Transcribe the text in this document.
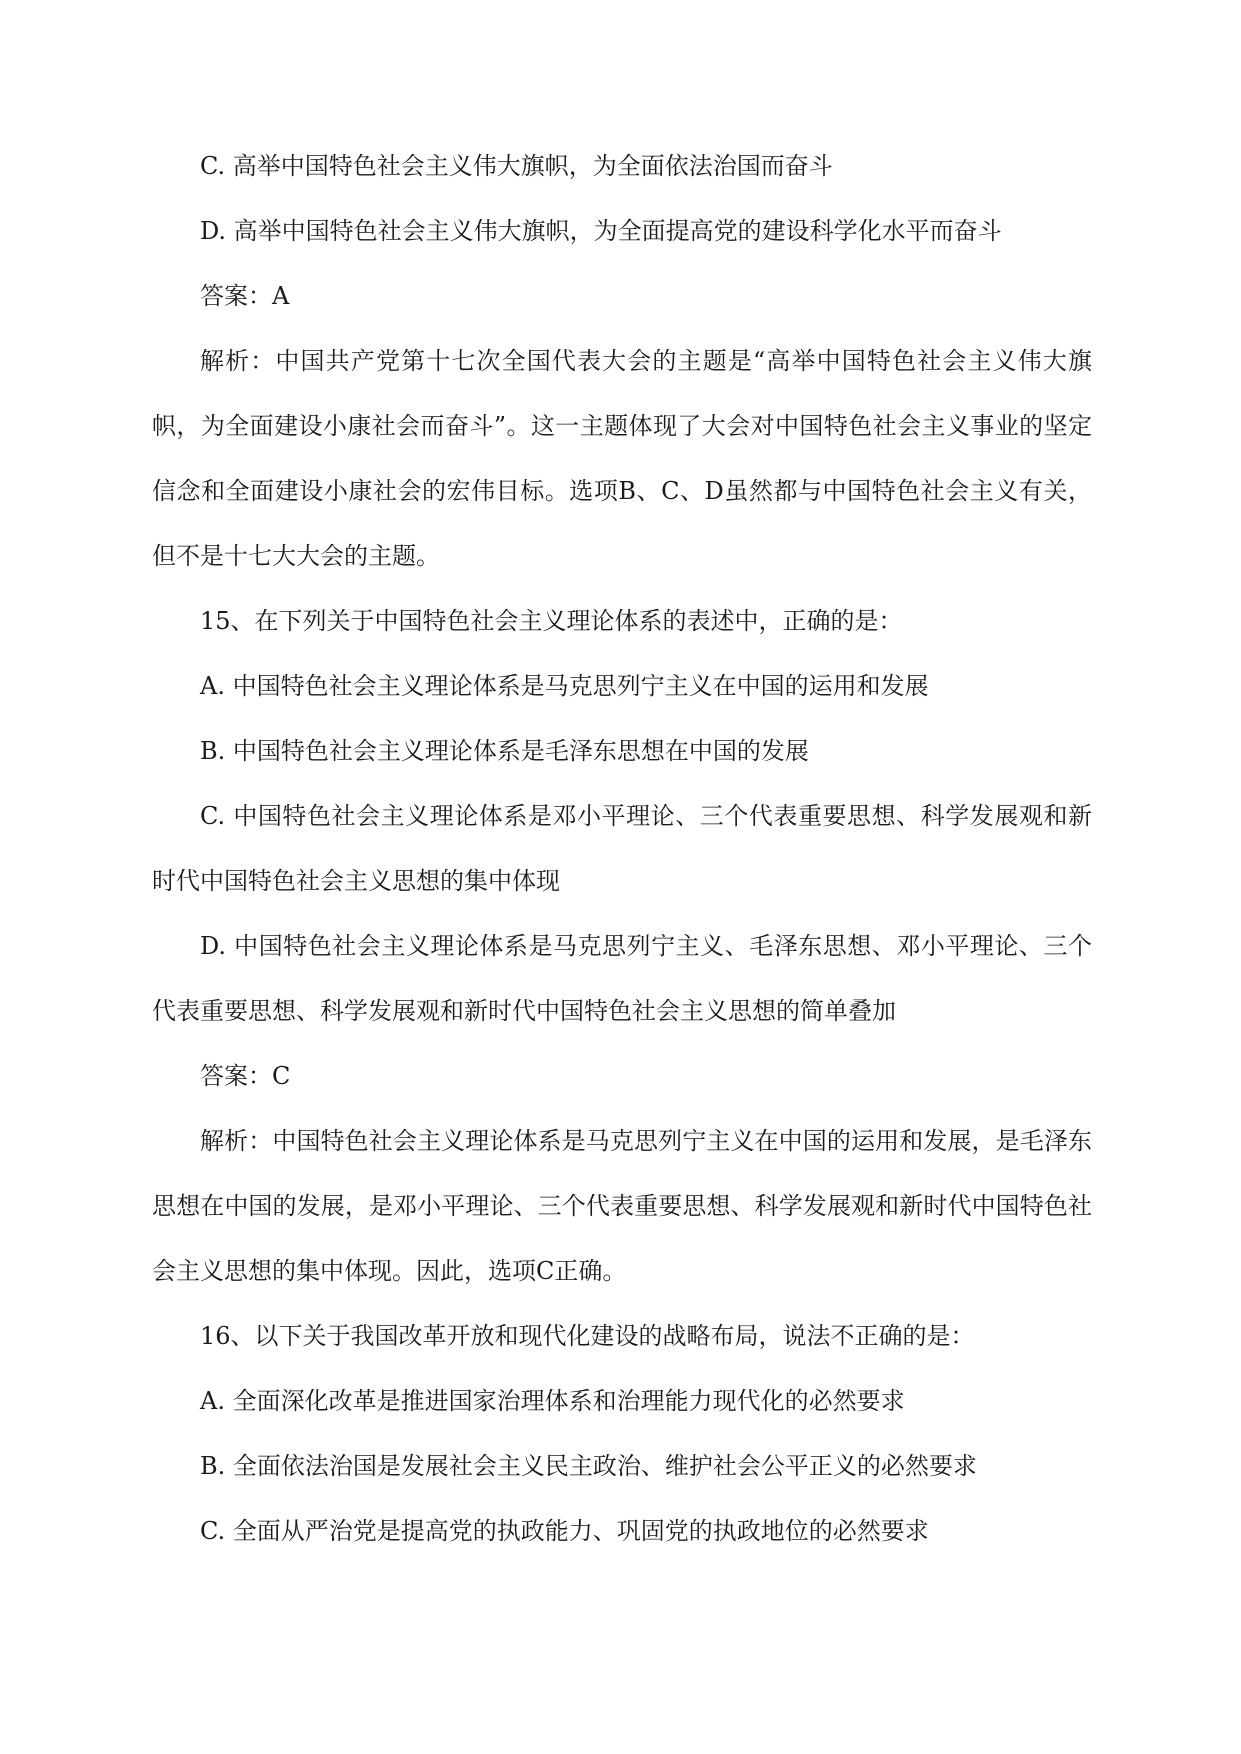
C. 高举中国特色社会主义伟大旗帜，为全面依法治国而奋斗

D. 高举中国特色社会主义伟大旗帜，为全面提高党的建设科学化水平而奋斗

答案：A

解析：中国共产党第十七次全国代表大会的主题是“高举中国特色社会主义伟大旗帜，为全面建设小康社会而奋斗”。这一主题体现了大会对中国特色社会主义事业的坚定信念和全面建设小康社会的宏伟目标。选项B、C、D虽然都与中国特色社会主义有关，但不是十七大大会的主题。

15、在下列关于中国特色社会主义理论体系的表述中，正确的是：

A. 中国特色社会主义理论体系是马克思列宁主义在中国的运用和发展

B. 中国特色社会主义理论体系是毛泽东思想在中国的发展

C. 中国特色社会主义理论体系是邓小平理论、三个代表重要思想、科学发展观和新时代中国特色社会主义思想的集中体现

D. 中国特色社会主义理论体系是马克思列宁主义、毛泽东思想、邓小平理论、三个代表重要思想、科学发展观和新时代中国特色社会主义思想的简单叠加

答案：C

解析：中国特色社会主义理论体系是马克思列宁主义在中国的运用和发展，是毛泽东思想在中国的发展，是邓小平理论、三个代表重要思想、科学发展观和新时代中国特色社会主义思想的集中体现。因此，选项C正确。

16、以下关于我国改革开放和现代化建设的战略布局，说法不正确的是：

A. 全面深化改革是推进国家治理体系和治理能力现代化的必然要求

B. 全面依法治国是发展社会主义民主政治、维护社会公平正义的必然要求

C. 全面从严治党是提高党的执政能力、巩固党的执政地位的必然要求
